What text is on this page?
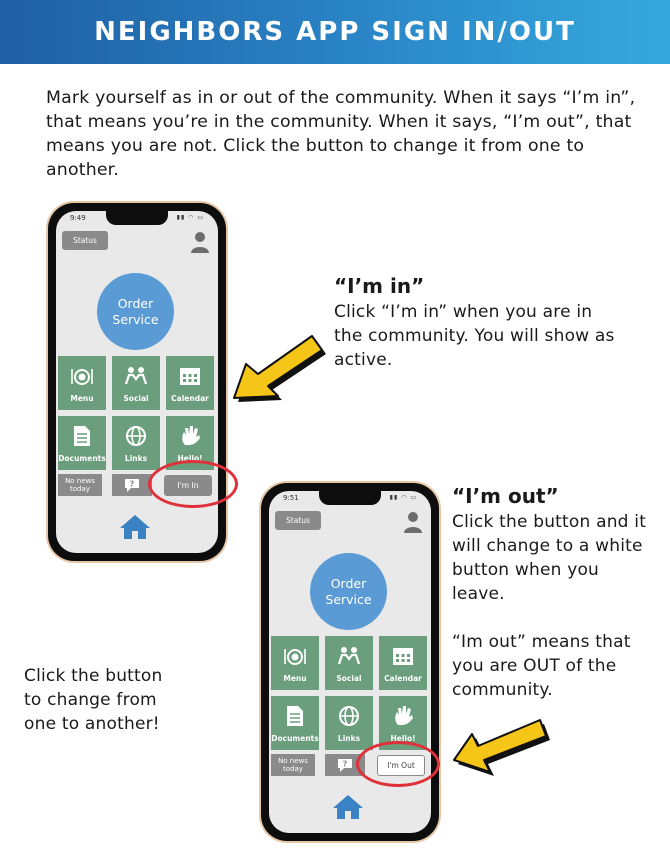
NEIGHBORS APP SIGN IN/OUT

Mark yourself as in or out of the community. When it says “I’m in”, that means you’re in the community. When it says, “I’m out”, that means you are not. Click the button to change it from one to another.

9:49	▮▮ ◠ ▭
Status
Order
Service
Menu	Social	Calendar
Documents	Links	Hello!
No news
today
?	I'm In
9:51	▮▮ ◠ ▭
Status
Order
Service
Menu	Social	Calendar
Documents	Links	Hello!
No news
today
?	I'm Out
“I’m in”

Click “I’m in” when you are in the community. You will show as active.

“I’m out”

Click the button and it will change to a white button when you leave.

“Im out” means that you are OUT of the community.

Click the button to change from one to another!
